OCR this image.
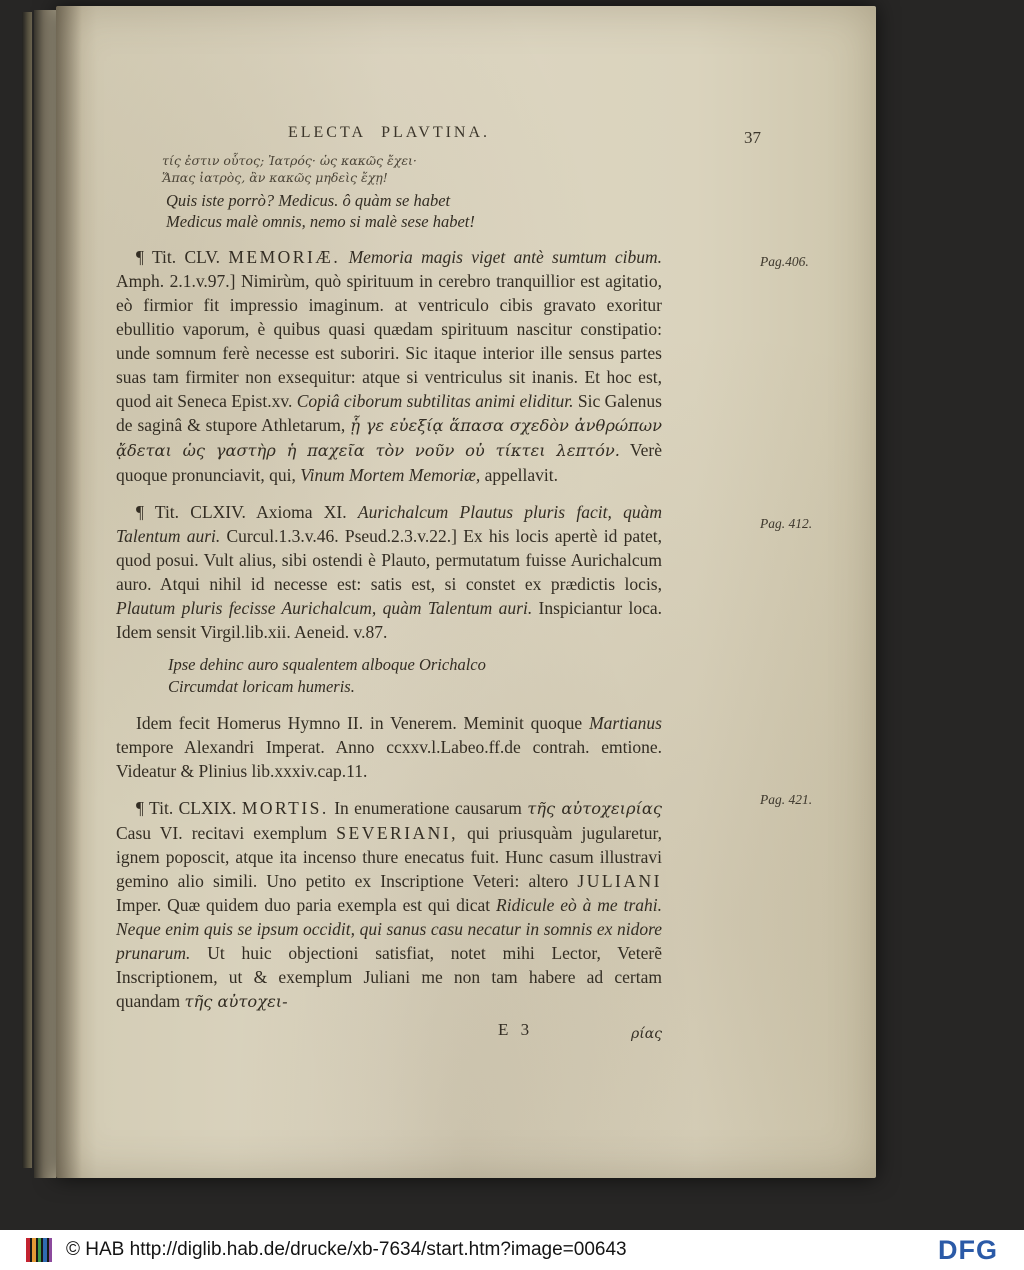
37
Pag.406.
Pag. 412.
Pag. 421.
ELECTA PLAVTINA.
τίς ἐστιν οὗτος; Ἰατρός· ὡς κακῶς ἔχει·
Ἅπας ἰατρὸς, ἂν κακῶς μηδεὶς ἔχῃ!
Quis iste porrò? Medicus. ô quàm se habet
Medicus malè omnis, nemo si malè sese habet!

¶ Tit. CLV. MEMORIÆ. Memoria magis viget antè sumtum cibum. Amph. 2.1.v.97.] Nimirùm, quò spirituum in cerebro tranquillior est agitatio, eò firmior fit impressio imaginum. at ventriculo cibis gravato exoritur ebullitio vaporum, è quibus quasi quædam spirituum nascitur constipatio: unde somnum ferè necesse est suboriri. Sic itaque interior ille sensus partes suas tam firmiter non exsequitur: atque si ventriculus sit inanis. Et hoc est, quod ait Seneca Epist.xv. Copiâ ciborum subtilitas animi eliditur. Sic Galenus de saginâ & stupore Athletarum, ᾗ γε εὐεξίᾳ ἅπασα σχεδὸν ἀνθρώπων ᾄδεται ὡς γαστὴρ ἡ παχεῖα τὸν νοῦν οὐ τίκτει λεπτόν. Verè quoque pronunciavit, qui, Vinum Mortem Memoriæ, appellavit.

¶ Tit. CLXIV. Axioma XI. Aurichalcum Plautus pluris facit, quàm Talentum auri. Curcul.1.3.v.46. Pseud.2.3.v.22.] Ex his locis apertè id patet, quod posui. Vult alius, sibi ostendi è Plauto, permutatum fuisse Aurichalcum auro. Atqui nihil id necesse est: satis est, si constet ex prædictis locis, Plautum pluris fecisse Aurichalcum, quàm Talentum auri. Inspiciantur loca. Idem sensit Virgil.lib.xii. Aeneid. v.87.

Ipse dehinc auro squalentem alboque Orichalco
Circumdat loricam humeris.

Idem fecit Homerus Hymno II. in Venerem. Meminit quoque Martianus tempore Alexandri Imperat. Anno ccxxv.l.Labeo.ff.de contrah. emtione. Videatur & Plinius lib.xxxiv.cap.11.

¶ Tit. CLXIX. MORTIS. In enumeratione causarum τῆς αὐτοχειρίας Casu VI. recitavi exemplum SEVERIANI, qui priusquàm jugularetur, ignem poposcit, atque ita incenso thure enecatus fuit. Hunc casum illustravi gemino alio simili. Uno petito ex Inscriptione Veteri: altero JULIANI Imper. Quæ quidem duo paria exempla est qui dicat Ridicule eò à me trahi. Neque enim quis se ipsum occidit, qui sanus casu necatur in somnis ex nidore prunarum. Ut huic objectioni satisfiat, notet mihi Lector, Veterẽ Inscriptionem, ut & exemplum Juliani me non tam habere ad certam quandam τῆς αὐτοχει-

E 3	ρίας
© HAB http://diglib.hab.de/drucke/xb-7634/start.htm?image=00643	DFG
